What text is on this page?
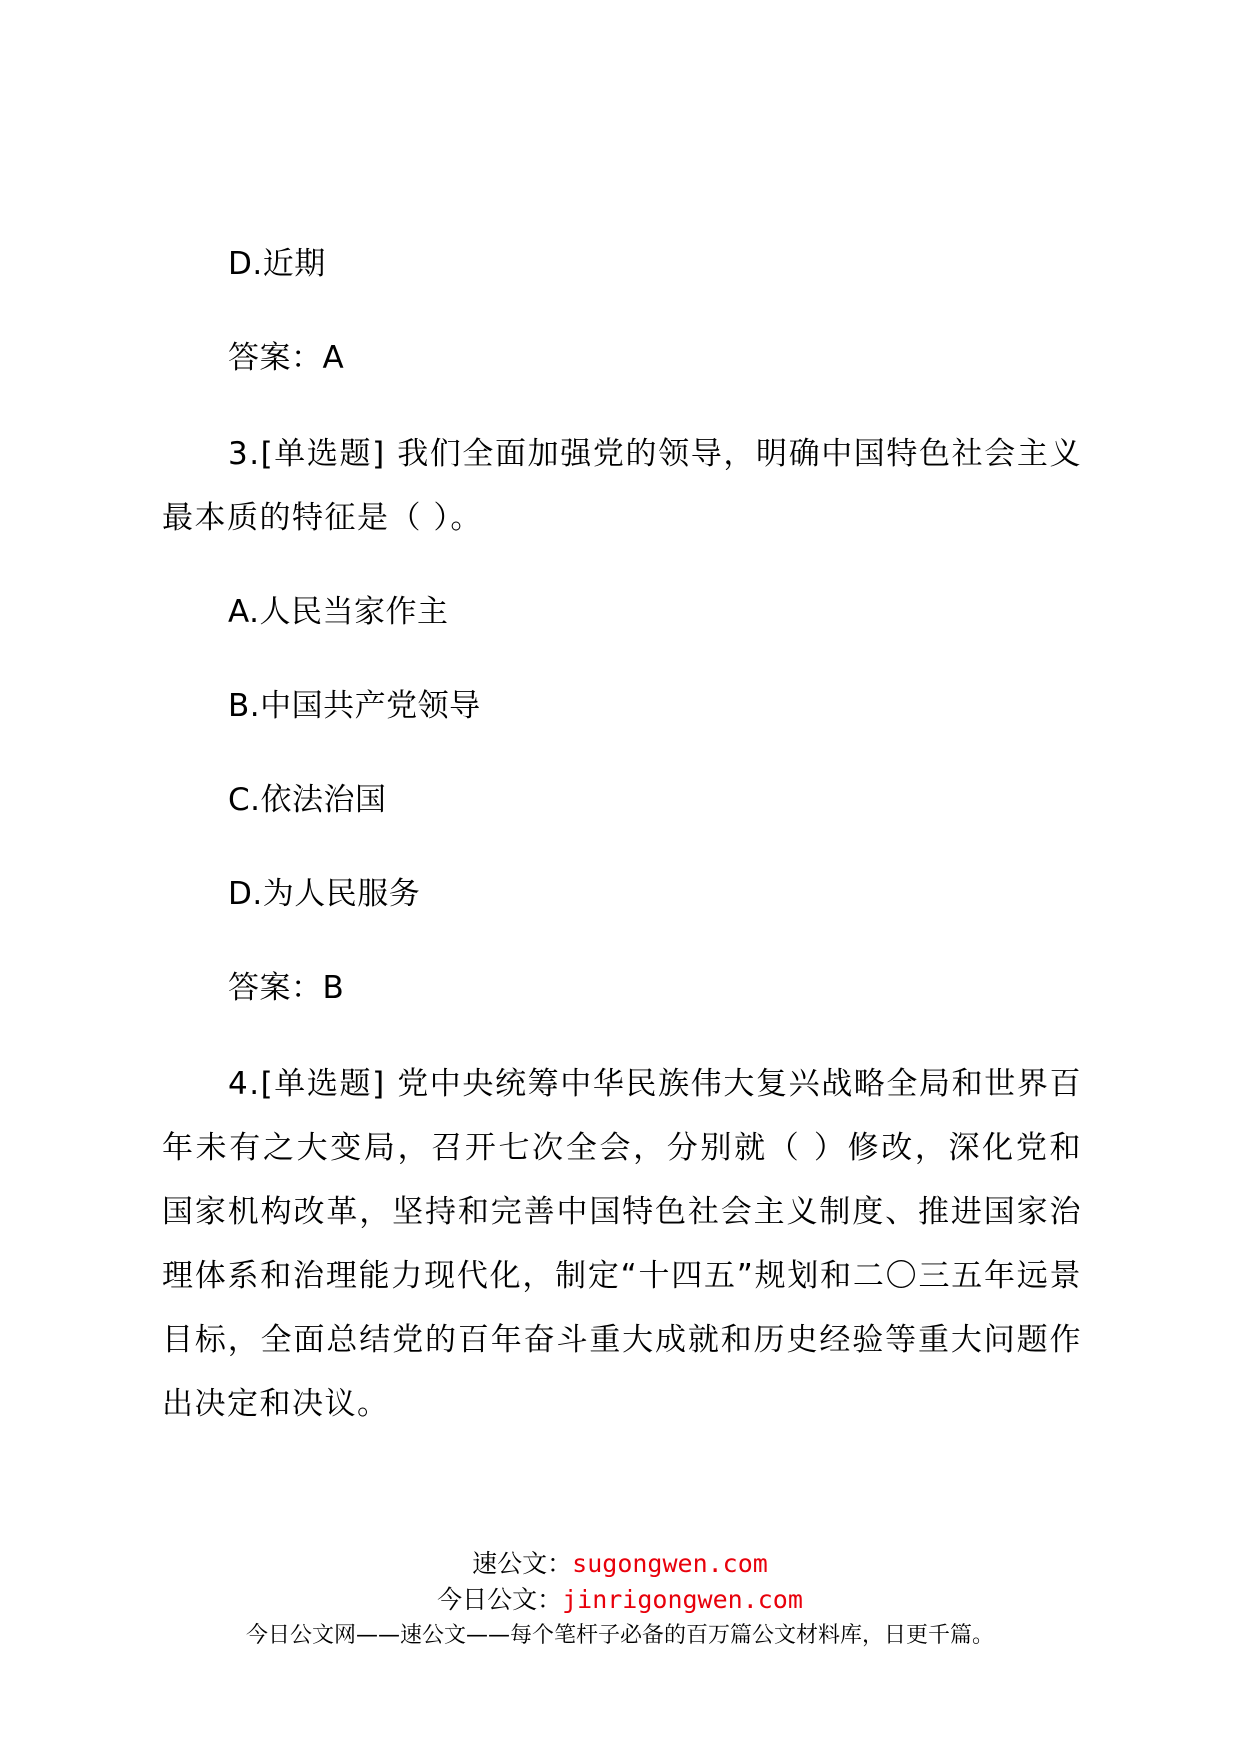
D.近期
答案：A
3.[单选题] 我们全面加强党的领导，明确中国特色社会主义最本质的特征是（ ）。
A.人民当家作主
B.中国共产党领导
C.依法治国
D.为人民服务
答案：B
4.[单选题] 党中央统筹中华民族伟大复兴战略全局和世界百年未有之大变局，召开七次全会，分别就（ ）修改，深化党和国家机构改革，坚持和完善中国特色社会主义制度、推进国家治理体系和治理能力现代化，制定“十四五”规划和二〇三五年远景目标，全面总结党的百年奋斗重大成就和历史经验等重大问题作出决定和决议。
速公文：sugongwen.com
今日公文：jinrigongwen.com
今日公文网——速公文——每个笔杆子必备的百万篇公文材料库，日更千篇。
